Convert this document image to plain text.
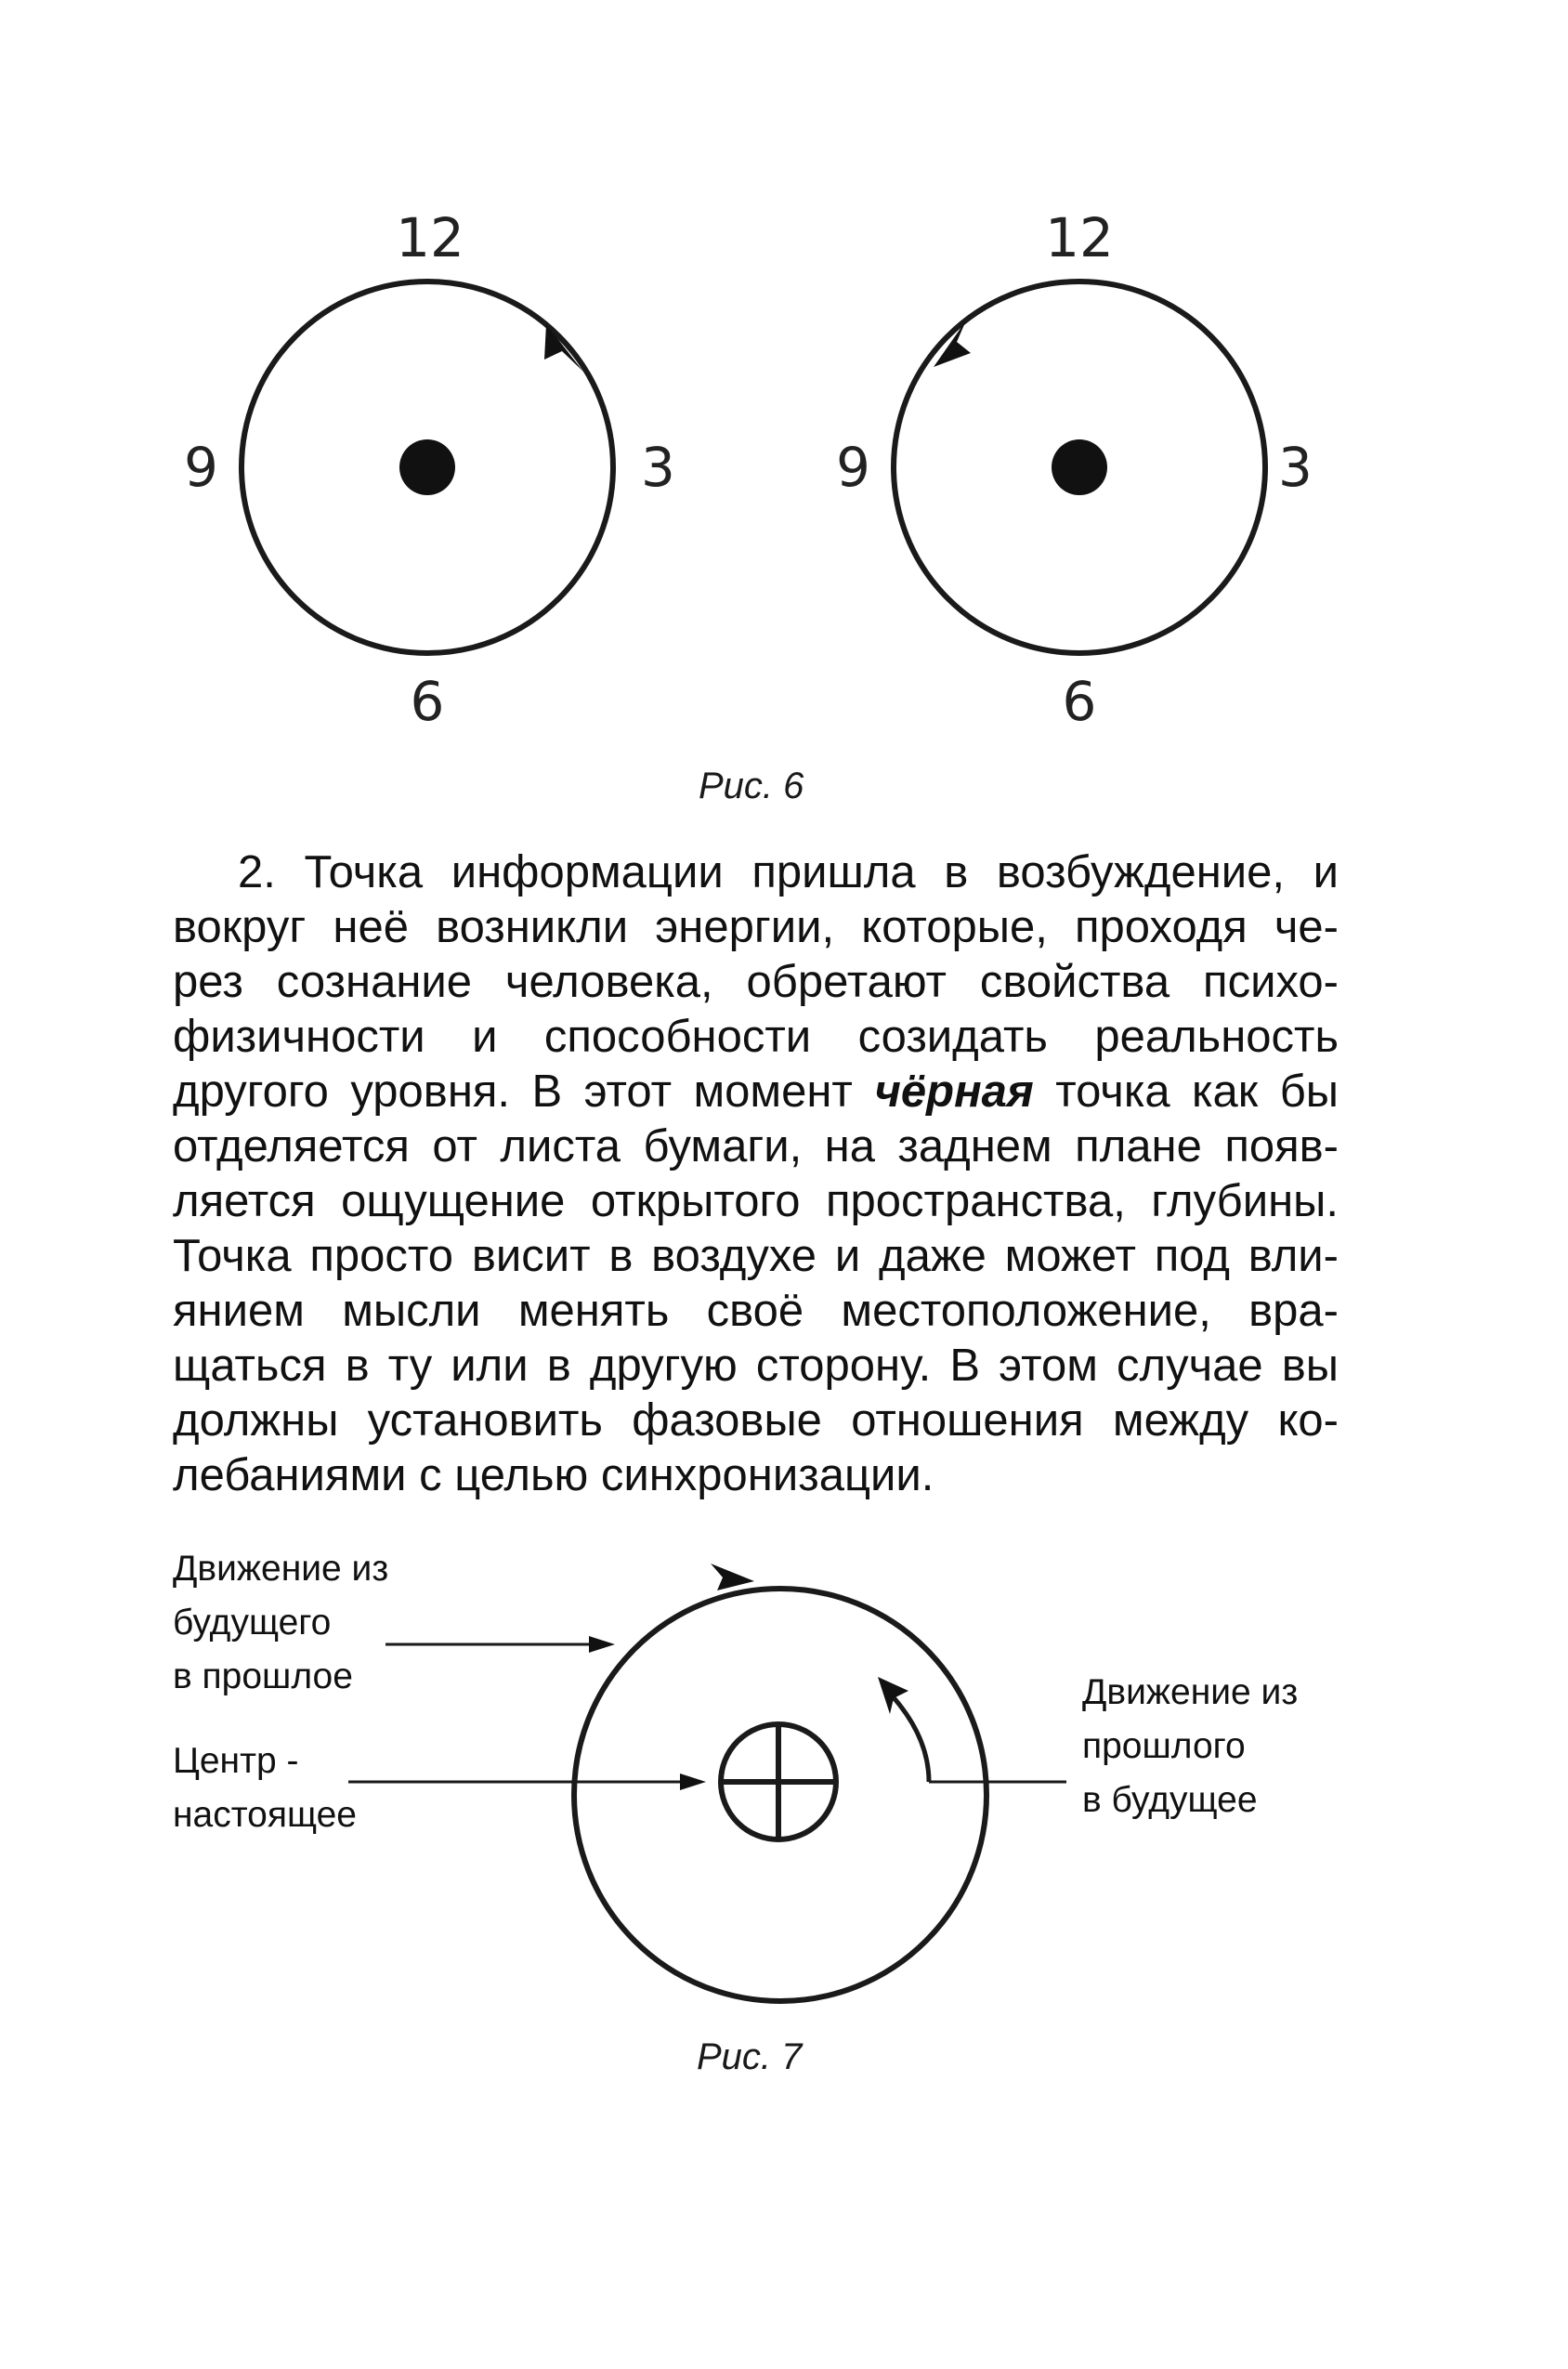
12
3
6
9
12
3
6
9
Рис. 6
2. Точка информации пришла в возбуждение, и
вокруг неё возникли энергии, которые, проходя че-
рез сознание человека, обретают свойства психо-
физичности и способности созидать реальность
другого уровня. В этот момент чёрная точка как бы
отделяется от листа бумаги, на заднем плане появ-
ляется ощущение открытого пространства, глубины.
Точка просто висит в воздухе и даже может под вли-
янием мысли менять своё местоположение, вра-
щаться в ту или в другую сторону. В этом случае вы
должны установить фазовые отношения между ко-
лебаниями с целью синхронизации.
Движение из
будущего
в прошлое
Центр -
настоящее
Движение из
прошлого
в будущее
Рис. 7
